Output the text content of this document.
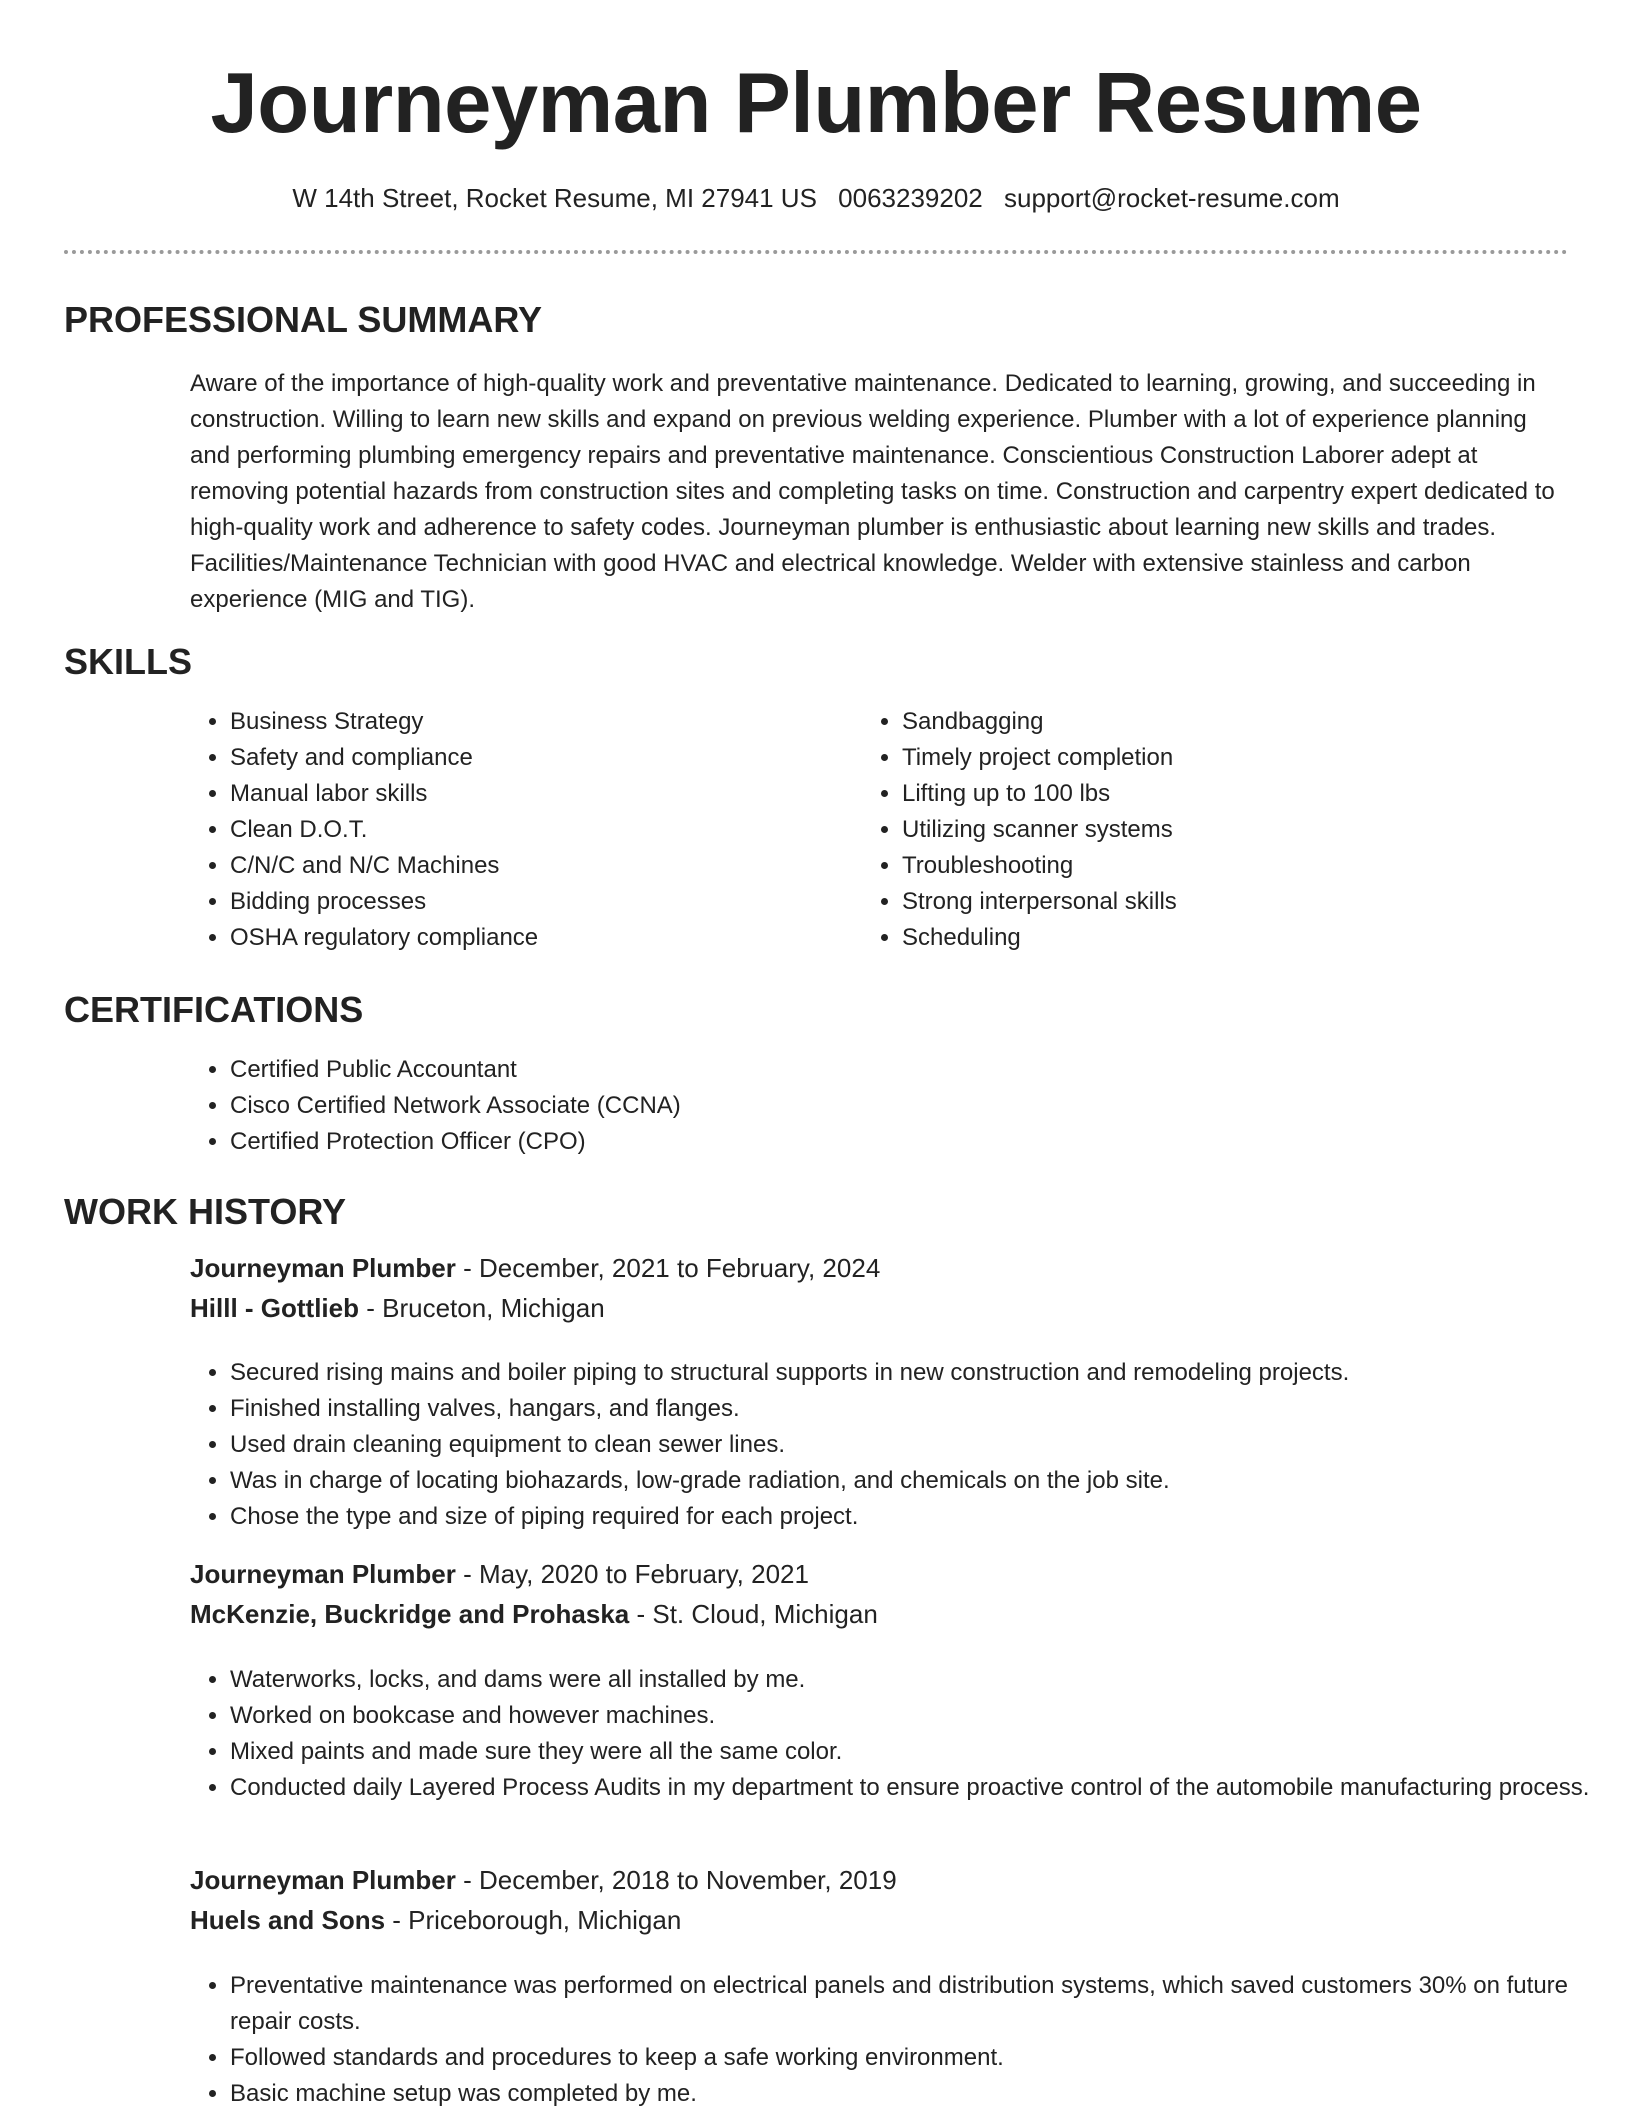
Journeyman Plumber Resume
W 14th Street, Rocket Resume, MI 27941 US 0063239202 support@rocket-resume.com
PROFESSIONAL SUMMARY

Aware of the importance of high-quality work and preventative maintenance. Dedicated to learning, growing, and succeeding in construction. Willing to learn new skills and expand on previous welding experience. Plumber with a lot of experience planning and performing plumbing emergency repairs and preventative maintenance. Conscientious Construction Laborer adept at removing potential hazards from construction sites and completing tasks on time. Construction and carpentry expert dedicated to high-quality work and adherence to safety codes. Journeyman plumber is enthusiastic about learning new skills and trades. Facilities/Maintenance Technician with good HVAC and electrical knowledge. Welder with extensive stainless and carbon experience (MIG and TIG).

SKILLS
• Business Strategy
• Safety and compliance
• Manual labor skills
• Clean D.O.T.
• C/N/C and N/C Machines
• Bidding processes
• OSHA regulatory compliance
• Sandbagging
• Timely project completion
• Lifting up to 100 lbs
• Utilizing scanner systems
• Troubleshooting
• Strong interpersonal skills
• Scheduling
CERTIFICATIONS
• Certified Public Accountant
• Cisco Certified Network Associate (CCNA)
• Certified Protection Officer (CPO)
WORK HISTORY
Journeyman Plumber - December, 2021 to February, 2024
Hilll - Gottlieb - Bruceton, Michigan
• Secured rising mains and boiler piping to structural supports in new construction and remodeling projects.
• Finished installing valves, hangars, and flanges.
• Used drain cleaning equipment to clean sewer lines.
• Was in charge of locating biohazards, low-grade radiation, and chemicals on the job site.
• Chose the type and size of piping required for each project.
Journeyman Plumber - May, 2020 to February, 2021
McKenzie, Buckridge and Prohaska - St. Cloud, Michigan
• Waterworks, locks, and dams were all installed by me.
• Worked on bookcase and however machines.
• Mixed paints and made sure they were all the same color.
• Conducted daily Layered Process Audits in my department to ensure proactive control of the automobile manufacturing process.
Journeyman Plumber - December, 2018 to November, 2019
Huels and Sons - Priceborough, Michigan
• Preventative maintenance was performed on electrical panels and distribution systems, which saved customers 30% on future repair costs.
• Followed standards and procedures to keep a safe working environment.
• Basic machine setup was completed by me.
